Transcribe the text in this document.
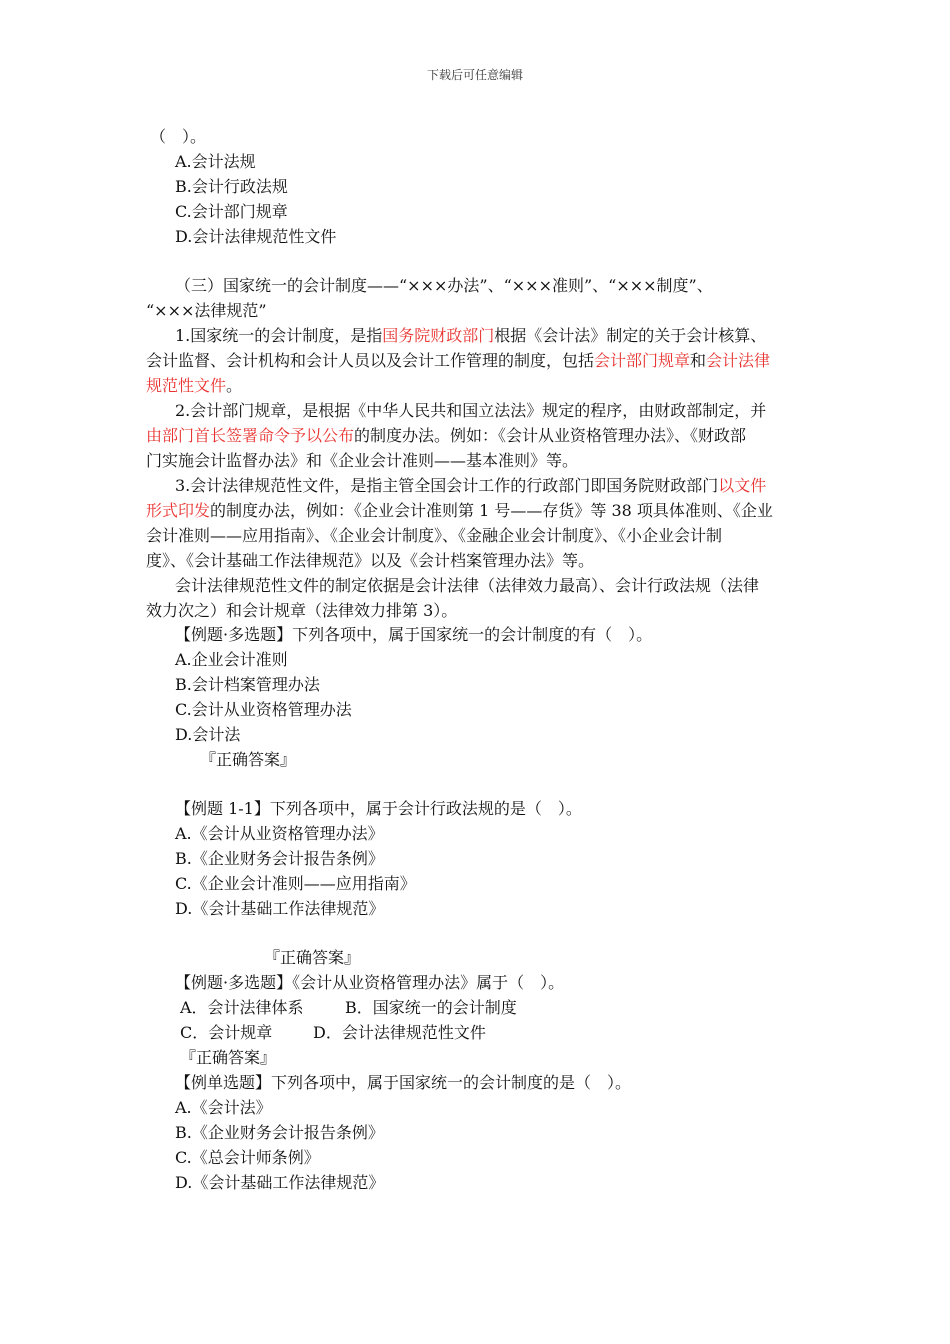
下载后可任意编辑
（　）。
A.会计法规
B.会计行政法规
C.会计部门规章
D.会计法律规范性文件
（三）国家统一的会计制度——“×××办法”、“×××准则”、“×××制度”、
“×××法律规范”
1.国家统一的会计制度，是指国务院财政部门根据《会计法》制定的关于会计核算、
会计监督、会计机构和会计人员以及会计工作管理的制度，包括会计部门规章和会计法律
规范性文件。
2.会计部门规章，是根据《中华人民共和国立法法》规定的程序，由财政部制定，并
由部门首长签署命令予以公布的制度办法。例如：《会计从业资格管理办法》、《财政部
门实施会计监督办法》和《企业会计准则——基本准则》等。
3.会计法律规范性文件，是指主管全国会计工作的行政部门即国务院财政部门以文件
形式印发的制度办法，例如：《企业会计准则第 1 号——存货》等 38 项具体准则、《企业
会计准则——应用指南》、《企业会计制度》、《金融企业会计制度》、《小企业会计制
度》、《会计基础工作法律规范》以及《会计档案管理办法》等。
会计法律规范性文件的制定依据是会计法律（法律效力最高）、会计行政法规（法律
效力次之）和会计规章（法律效力排第 3）。
【例题·多选题】下列各项中，属于国家统一的会计制度的有（　）。
A.企业会计准则
B.会计档案管理办法
C.会计从业资格管理办法
D.会计法
『正确答案』
【例题 1-1】下列各项中，属于会计行政法规的是（　）。
A.《会计从业资格管理办法》
B.《企业财务会计报告条例》
C.《企业会计准则——应用指南》
D.《会计基础工作法律规范》
『正确答案』
【例题·多选题】《会计从业资格管理办法》属于（　）。
A．会计法律体系	B．国家统一的会计制度
C．会计规章	D．会计法律规范性文件
『正确答案』
【例单选题】下列各项中，属于国家统一的会计制度的是（　）。
A.《会计法》
B.《企业财务会计报告条例》
C.《总会计师条例》
D.《会计基础工作法律规范》
